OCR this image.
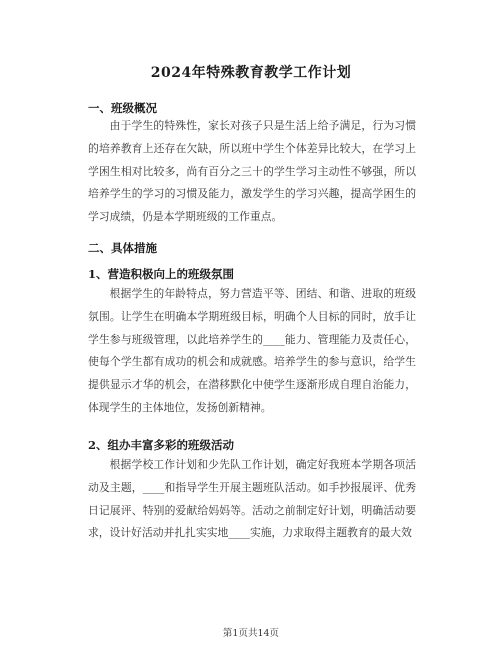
2024年特殊教育教学工作计划
一、班级概况

由于学生的特殊性，家长对孩子只是生活上给予满足，行为习惯的培养教育上还存在欠缺，所以班中学生个体差异比较大，在学习上学困生相对比较多，尚有百分之三十的学生学习主动性不够强，所以培养学生的学习的习惯及能力，激发学生的学习兴趣，提高学困生的学习成绩，仍是本学期班级的工作重点。

二、具体措施
1、营造积极向上的班级氛围

根据学生的年龄特点，努力营造平等、团结、和谐、进取的班级氛围。让学生在明确本学期班级目标，明确个人目标的同时，放手让学生参与班级管理，以此培养学生的____能力、管理能力及责任心，使每个学生都有成功的机会和成就感。培养学生的参与意识，给学生提供显示才华的机会，在潜移默化中使学生逐渐形成自理自治能力，体现学生的主体地位，发扬创新精神。

2、组办丰富多彩的班级活动

根据学校工作计划和少先队工作计划，确定好我班本学期各项活动及主题，____和指导学生开展主题班队活动。如手抄报展评、优秀日记展评、特别的爱献给妈妈等。活动之前制定好计划，明确活动要求，设计好活动并扎扎实实地____实施，力求取得主题教育的最大效

第1页共14页
